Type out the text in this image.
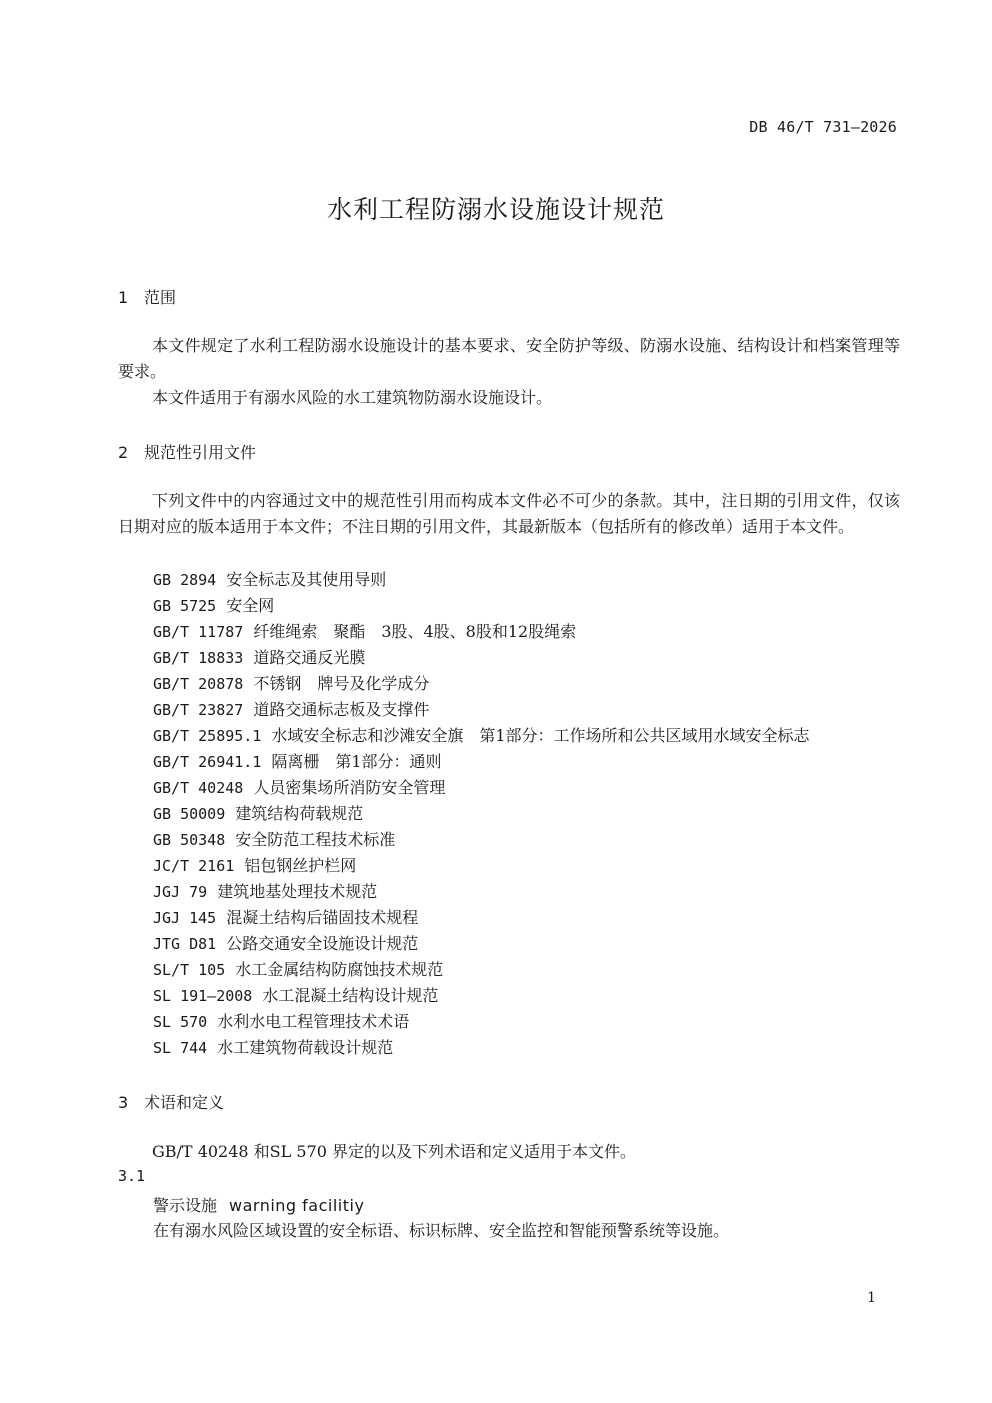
DB 46/T 731—2026
水利工程防溺水设施设计规范
1 范围
本文件规定了水利工程防溺水设施设计的基本要求、安全防护等级、防溺水设施、结构设计和档案管理等要求。
本文件适用于有溺水风险的水工建筑物防溺水设施设计。
2 规范性引用文件
下列文件中的内容通过文中的规范性引用而构成本文件必不可少的条款。其中，注日期的引用文件，仅该日期对应的版本适用于本文件；不注日期的引用文件，其最新版本（包括所有的修改单）适用于本文件。
GB 2894 安全标志及其使用导则
GB 5725 安全网
GB/T 11787 纤维绳索　聚酯　3股、4股、8股和12股绳索
GB/T 18833 道路交通反光膜
GB/T 20878 不锈钢　牌号及化学成分
GB/T 23827 道路交通标志板及支撑件
GB/T 25895.1 水域安全标志和沙滩安全旗　第1部分：工作场所和公共区域用水域安全标志
GB/T 26941.1 隔离栅　第1部分：通则
GB/T 40248 人员密集场所消防安全管理
GB 50009 建筑结构荷载规范
GB 50348 安全防范工程技术标准
JC/T 2161 铝包钢丝护栏网
JGJ 79 建筑地基处理技术规范
JGJ 145 混凝土结构后锚固技术规程
JTG D81 公路交通安全设施设计规范
SL/T 105 水工金属结构防腐蚀技术规范
SL 191—2008 水工混凝土结构设计规范
SL 570 水利水电工程管理技术术语
SL 744 水工建筑物荷载设计规范
3 术语和定义
GB/T 40248 和SL 570 界定的以及下列术语和定义适用于本文件。
3.1
警示设施 warning facilitiy
在有溺水风险区域设置的安全标语、标识标牌、安全监控和智能预警系统等设施。
1
